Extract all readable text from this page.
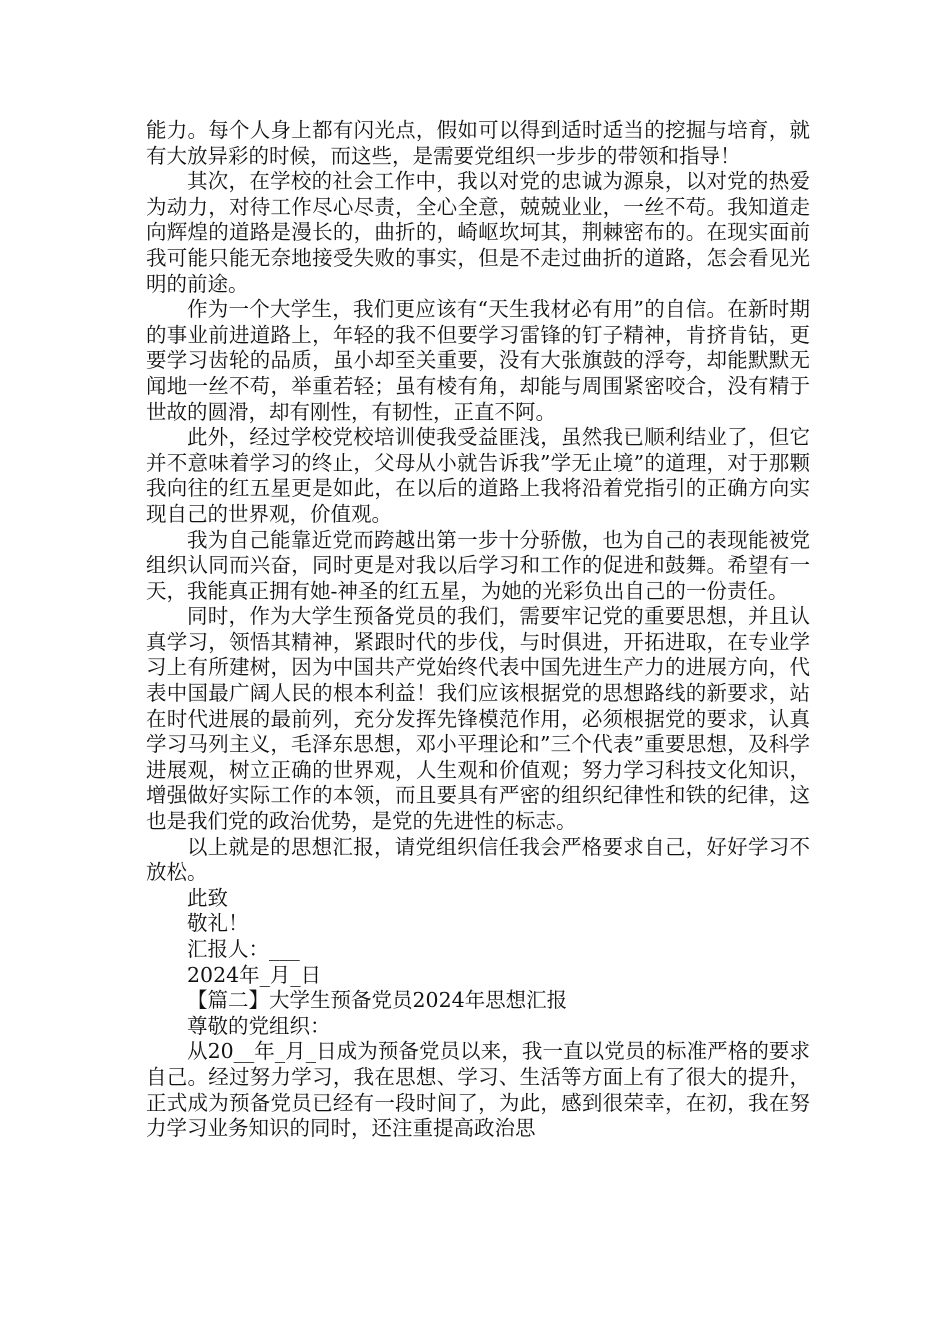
能力。每个人身上都有闪光点，假如可以得到适时适当的挖掘与培育，就有大放异彩的时候，而这些，是需要党组织一步步的带领和指导！

其次，在学校的社会工作中，我以对党的忠诚为源泉，以对党的热爱为动力，对待工作尽心尽责，全心全意，兢兢业业，一丝不苟。我知道走向辉煌的道路是漫长的，曲折的，崎岖坎坷其，荆棘密布的。在现实面前我可能只能无奈地接受失败的事实，但是不走过曲折的道路，怎会看见光明的前途。

作为一个大学生，我们更应该有“天生我材必有用”的自信。在新时期的事业前进道路上，年轻的我不但要学习雷锋的钉子精神，肯挤肯钻，更要学习齿轮的品质，虽小却至关重要，没有大张旗鼓的浮夸，却能默默无闻地一丝不苟，举重若轻；虽有棱有角，却能与周围紧密咬合，没有精于世故的圆滑，却有刚性，有韧性，正直不阿。

此外，经过学校党校培训使我受益匪浅，虽然我已顺利结业了，但它并不意味着学习的终止，父母从小就告诉我”学无止境”的道理，对于那颗我向往的红五星更是如此，在以后的道路上我将沿着党指引的正确方向实现自己的世界观，价值观。

我为自己能靠近党而跨越出第一步十分骄傲，也为自己的表现能被党组织认同而兴奋，同时更是对我以后学习和工作的促进和鼓舞。希望有一天，我能真正拥有她-神圣的红五星，为她的光彩负出自己的一份责任。

同时，作为大学生预备党员的我们，需要牢记党的重要思想，并且认真学习，领悟其精神，紧跟时代的步伐，与时俱进，开拓进取，在专业学习上有所建树，因为中国共产党始终代表中国先进生产力的进展方向，代表中国最广阔人民的根本利益！我们应该根据党的思想路线的新要求，站在时代进展的最前列，充分发挥先锋模范作用，必须根据党的要求，认真学习马列主义，毛泽东思想，邓小平理论和”三个代表”重要思想，及科学进展观，树立正确的世界观，人生观和价值观；努力学习科技文化知识，增强做好实际工作的本领，而且要具有严密的组织纪律性和铁的纪律，这也是我们党的政治优势，是党的先进性的标志。

以上就是的思想汇报，请党组织信任我会严格要求自己，好好学习不放松。

此致

敬礼！

汇报人：___

2024年_月_日

【篇二】大学生预备党员2024年思想汇报

尊敬的党组织：

从20__年_月_日成为预备党员以来，我一直以党员的标准严格的要求自己。经过努力学习，我在思想、学习、生活等方面上有了很大的提升，正式成为预备党员已经有一段时间了，为此，感到很荣幸，在初，我在努力学习业务知识的同时，还注重提高政治思
